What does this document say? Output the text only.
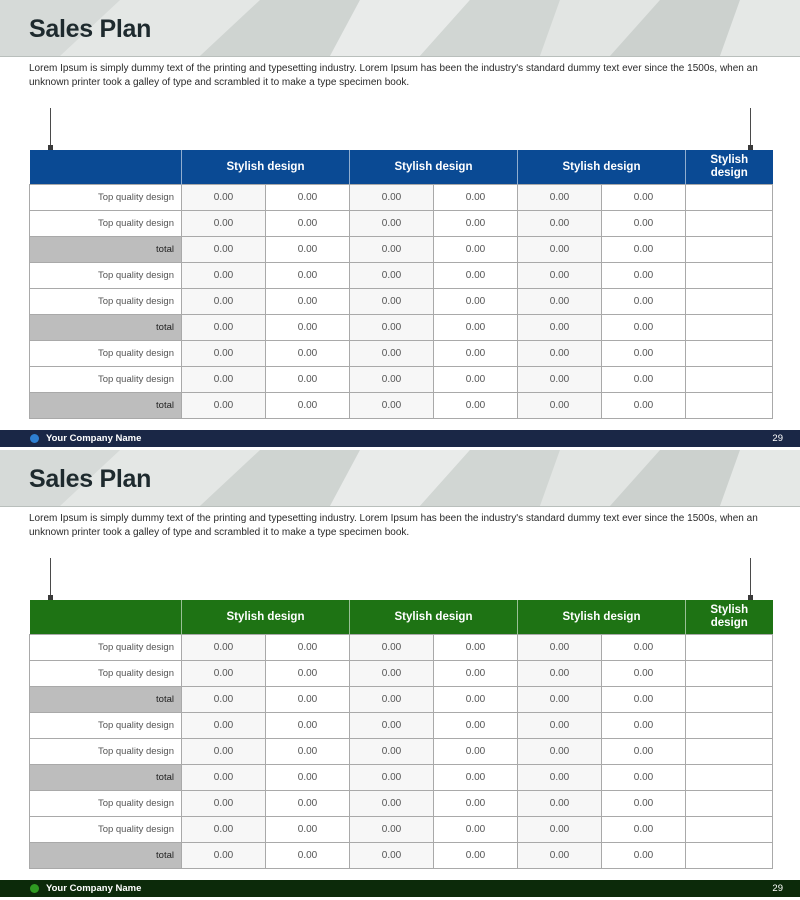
Sales Plan
Lorem Ipsum is simply dummy text of the printing and typesetting industry. Lorem Ipsum has been the industry's standard dummy text ever since the 1500s, when an unknown printer took a galley of type and scrambled it to make a type specimen book.
	Stylish design		Stylish design		Stylish design		Stylish design
Top quality design	0.00	0.00	0.00	0.00	0.00	0.00	
Top quality design	0.00	0.00	0.00	0.00	0.00	0.00	
total	0.00	0.00	0.00	0.00	0.00	0.00	
Top quality design	0.00	0.00	0.00	0.00	0.00	0.00	
Top quality design	0.00	0.00	0.00	0.00	0.00	0.00	
total	0.00	0.00	0.00	0.00	0.00	0.00	
Top quality design	0.00	0.00	0.00	0.00	0.00	0.00	
Top quality design	0.00	0.00	0.00	0.00	0.00	0.00	
total	0.00	0.00	0.00	0.00	0.00	0.00	
Your Company Name	29
Sales Plan
Lorem Ipsum is simply dummy text of the printing and typesetting industry. Lorem Ipsum has been the industry's standard dummy text ever since the 1500s, when an unknown printer took a galley of type and scrambled it to make a type specimen book.
	Stylish design		Stylish design		Stylish design		Stylish design
Top quality design	0.00	0.00	0.00	0.00	0.00	0.00	
Top quality design	0.00	0.00	0.00	0.00	0.00	0.00	
total	0.00	0.00	0.00	0.00	0.00	0.00	
Top quality design	0.00	0.00	0.00	0.00	0.00	0.00	
Top quality design	0.00	0.00	0.00	0.00	0.00	0.00	
total	0.00	0.00	0.00	0.00	0.00	0.00	
Top quality design	0.00	0.00	0.00	0.00	0.00	0.00	
Top quality design	0.00	0.00	0.00	0.00	0.00	0.00	
total	0.00	0.00	0.00	0.00	0.00	0.00	
Your Company Name	29
